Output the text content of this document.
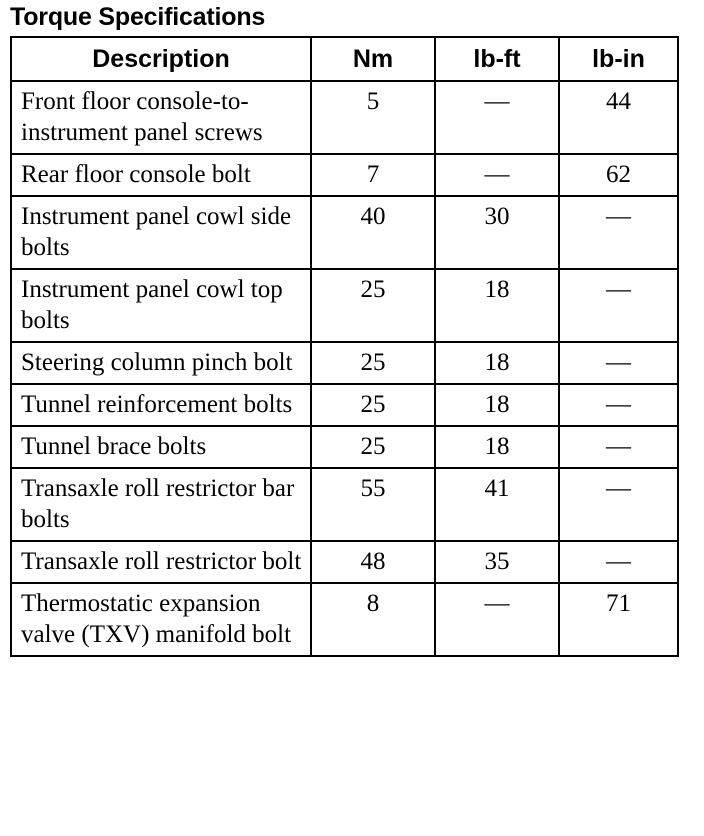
Torque Specifications
Description	Nm	lb-ft	lb-in
Front floor console-to-instrument panel screws	5	—	44
Rear floor console bolt	7	—	62
Instrument panel cowl side bolts	40	30	—
Instrument panel cowl top bolts	25	18	—
Steering column pinch bolt	25	18	—
Tunnel reinforcement bolts	25	18	—
Tunnel brace bolts	25	18	—
Transaxle roll restrictor bar bolts	55	41	—
Transaxle roll restrictor bolt	48	35	—
Thermostatic expansion valve (TXV) manifold bolt	8	—	71
